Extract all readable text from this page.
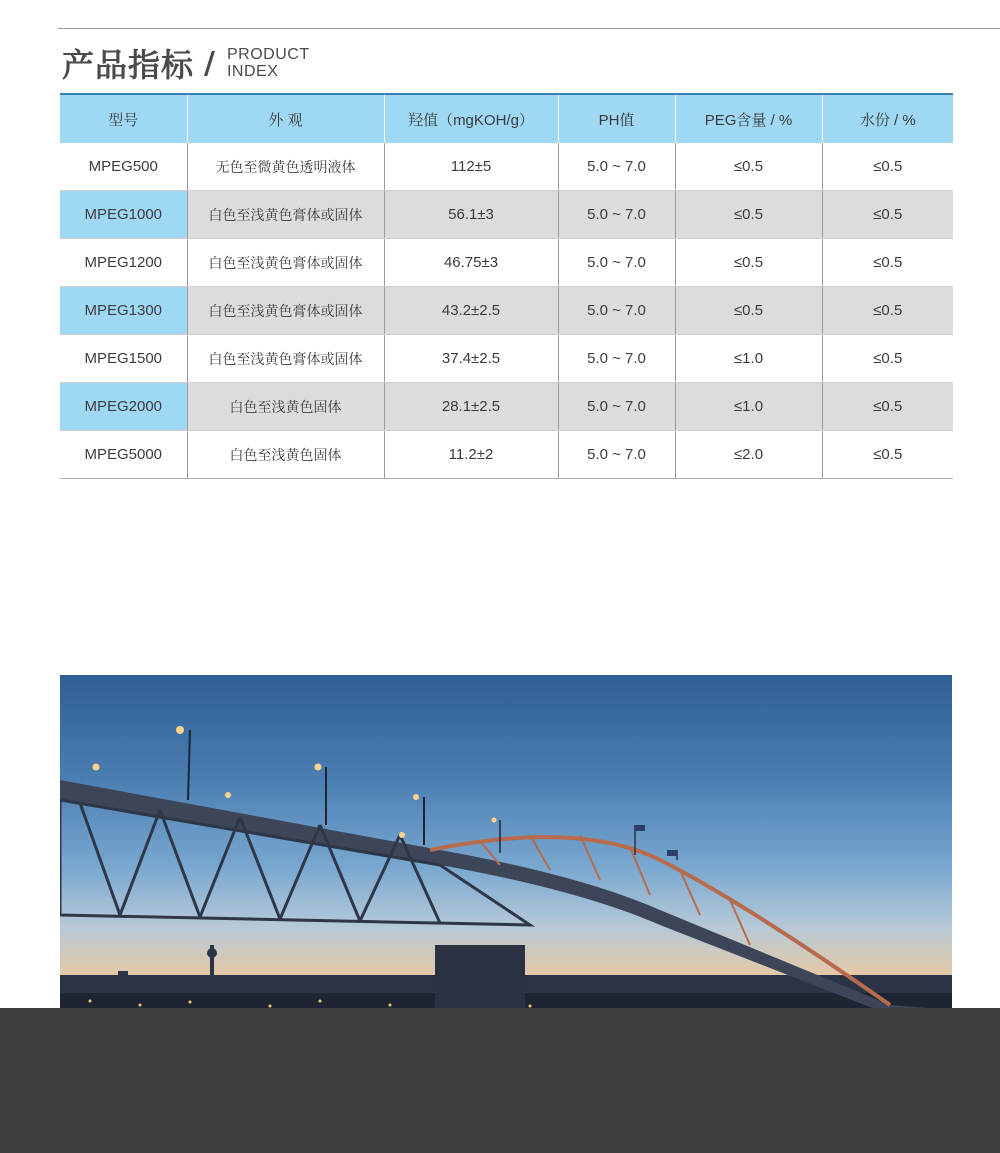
产品指标 / PRODUCT
INDEX
型号	外 观	羟值（mgKOH/g）	PH值	PEG含量 / %	水份 / %
MPEG500	无色至微黄色透明液体	112±5	5.0 ~ 7.0	≤0.5	≤0.5
MPEG1000	白色至浅黄色膏体或固体	56.1±3	5.0 ~ 7.0	≤0.5	≤0.5
MPEG1200	白色至浅黄色膏体或固体	46.75±3	5.0 ~ 7.0	≤0.5	≤0.5
MPEG1300	白色至浅黄色膏体或固体	43.2±2.5	5.0 ~ 7.0	≤0.5	≤0.5
MPEG1500	白色至浅黄色膏体或固体	37.4±2.5	5.0 ~ 7.0	≤1.0	≤0.5
MPEG2000	白色至浅黄色固体	28.1±2.5	5.0 ~ 7.0	≤1.0	≤0.5
MPEG5000	白色至浅黄色固体	11.2±2	5.0 ~ 7.0	≤2.0	≤0.5
